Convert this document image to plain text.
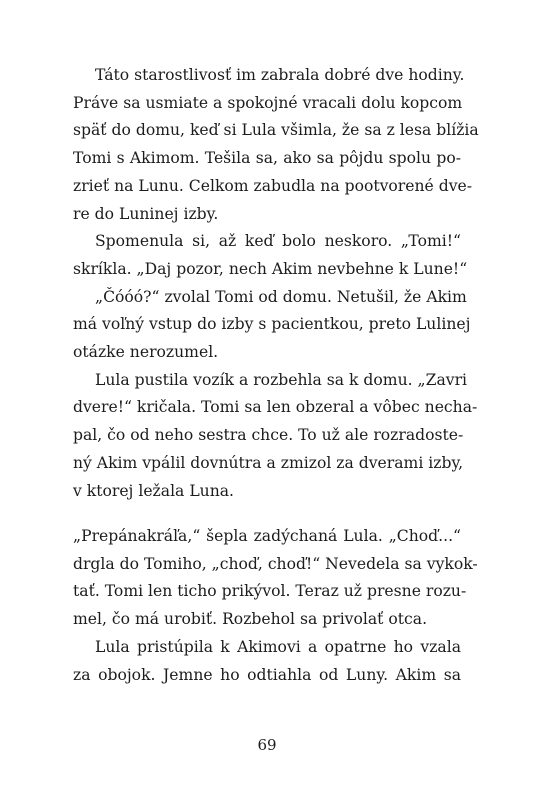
Táto starostlivosť im zabrala dobré dve hodiny.
Práve sa usmiate a spokojné vracali dolu kopcom
späť do domu, keď si Lula všimla, že sa z lesa blížia
Tomi s Akimom. Tešila sa, ako sa pôjdu spolu po-
zrieť na Lunu. Celkom zabudla na pootvorené dve-
re do Luninej izby.
Spomenula si, až keď bolo neskoro. „Tomi!“
skríkla. „Daj pozor, nech Akim nevbehne k Lune!“
„Čóóó?“ zvolal Tomi od domu. Netušil, že Akim
má voľný vstup do izby s pacientkou, preto Lulinej
otázke nerozumel.
Lula pustila vozík a rozbehla sa k domu. „Zavri
dvere!“ kričala. Tomi sa len obzeral a vôbec necha-
pal, čo od neho sestra chce. To už ale rozradoste-
ný Akim vpálil dovnútra a zmizol za dverami izby,
v ktorej ležala Luna.
„Prepánakráľa,“ šepla zadýchaná Lula. „Choď...“
drgla do Tomiho, „choď, choď!“ Nevedela sa vykok-
tať. Tomi len ticho prikývol. Teraz už presne rozu-
mel, čo má urobiť. Rozbehol sa privolať otca.
Lula pristúpila k Akimovi a opatrne ho vzala
za obojok. Jemne ho odtiahla od Luny. Akim sa
69
